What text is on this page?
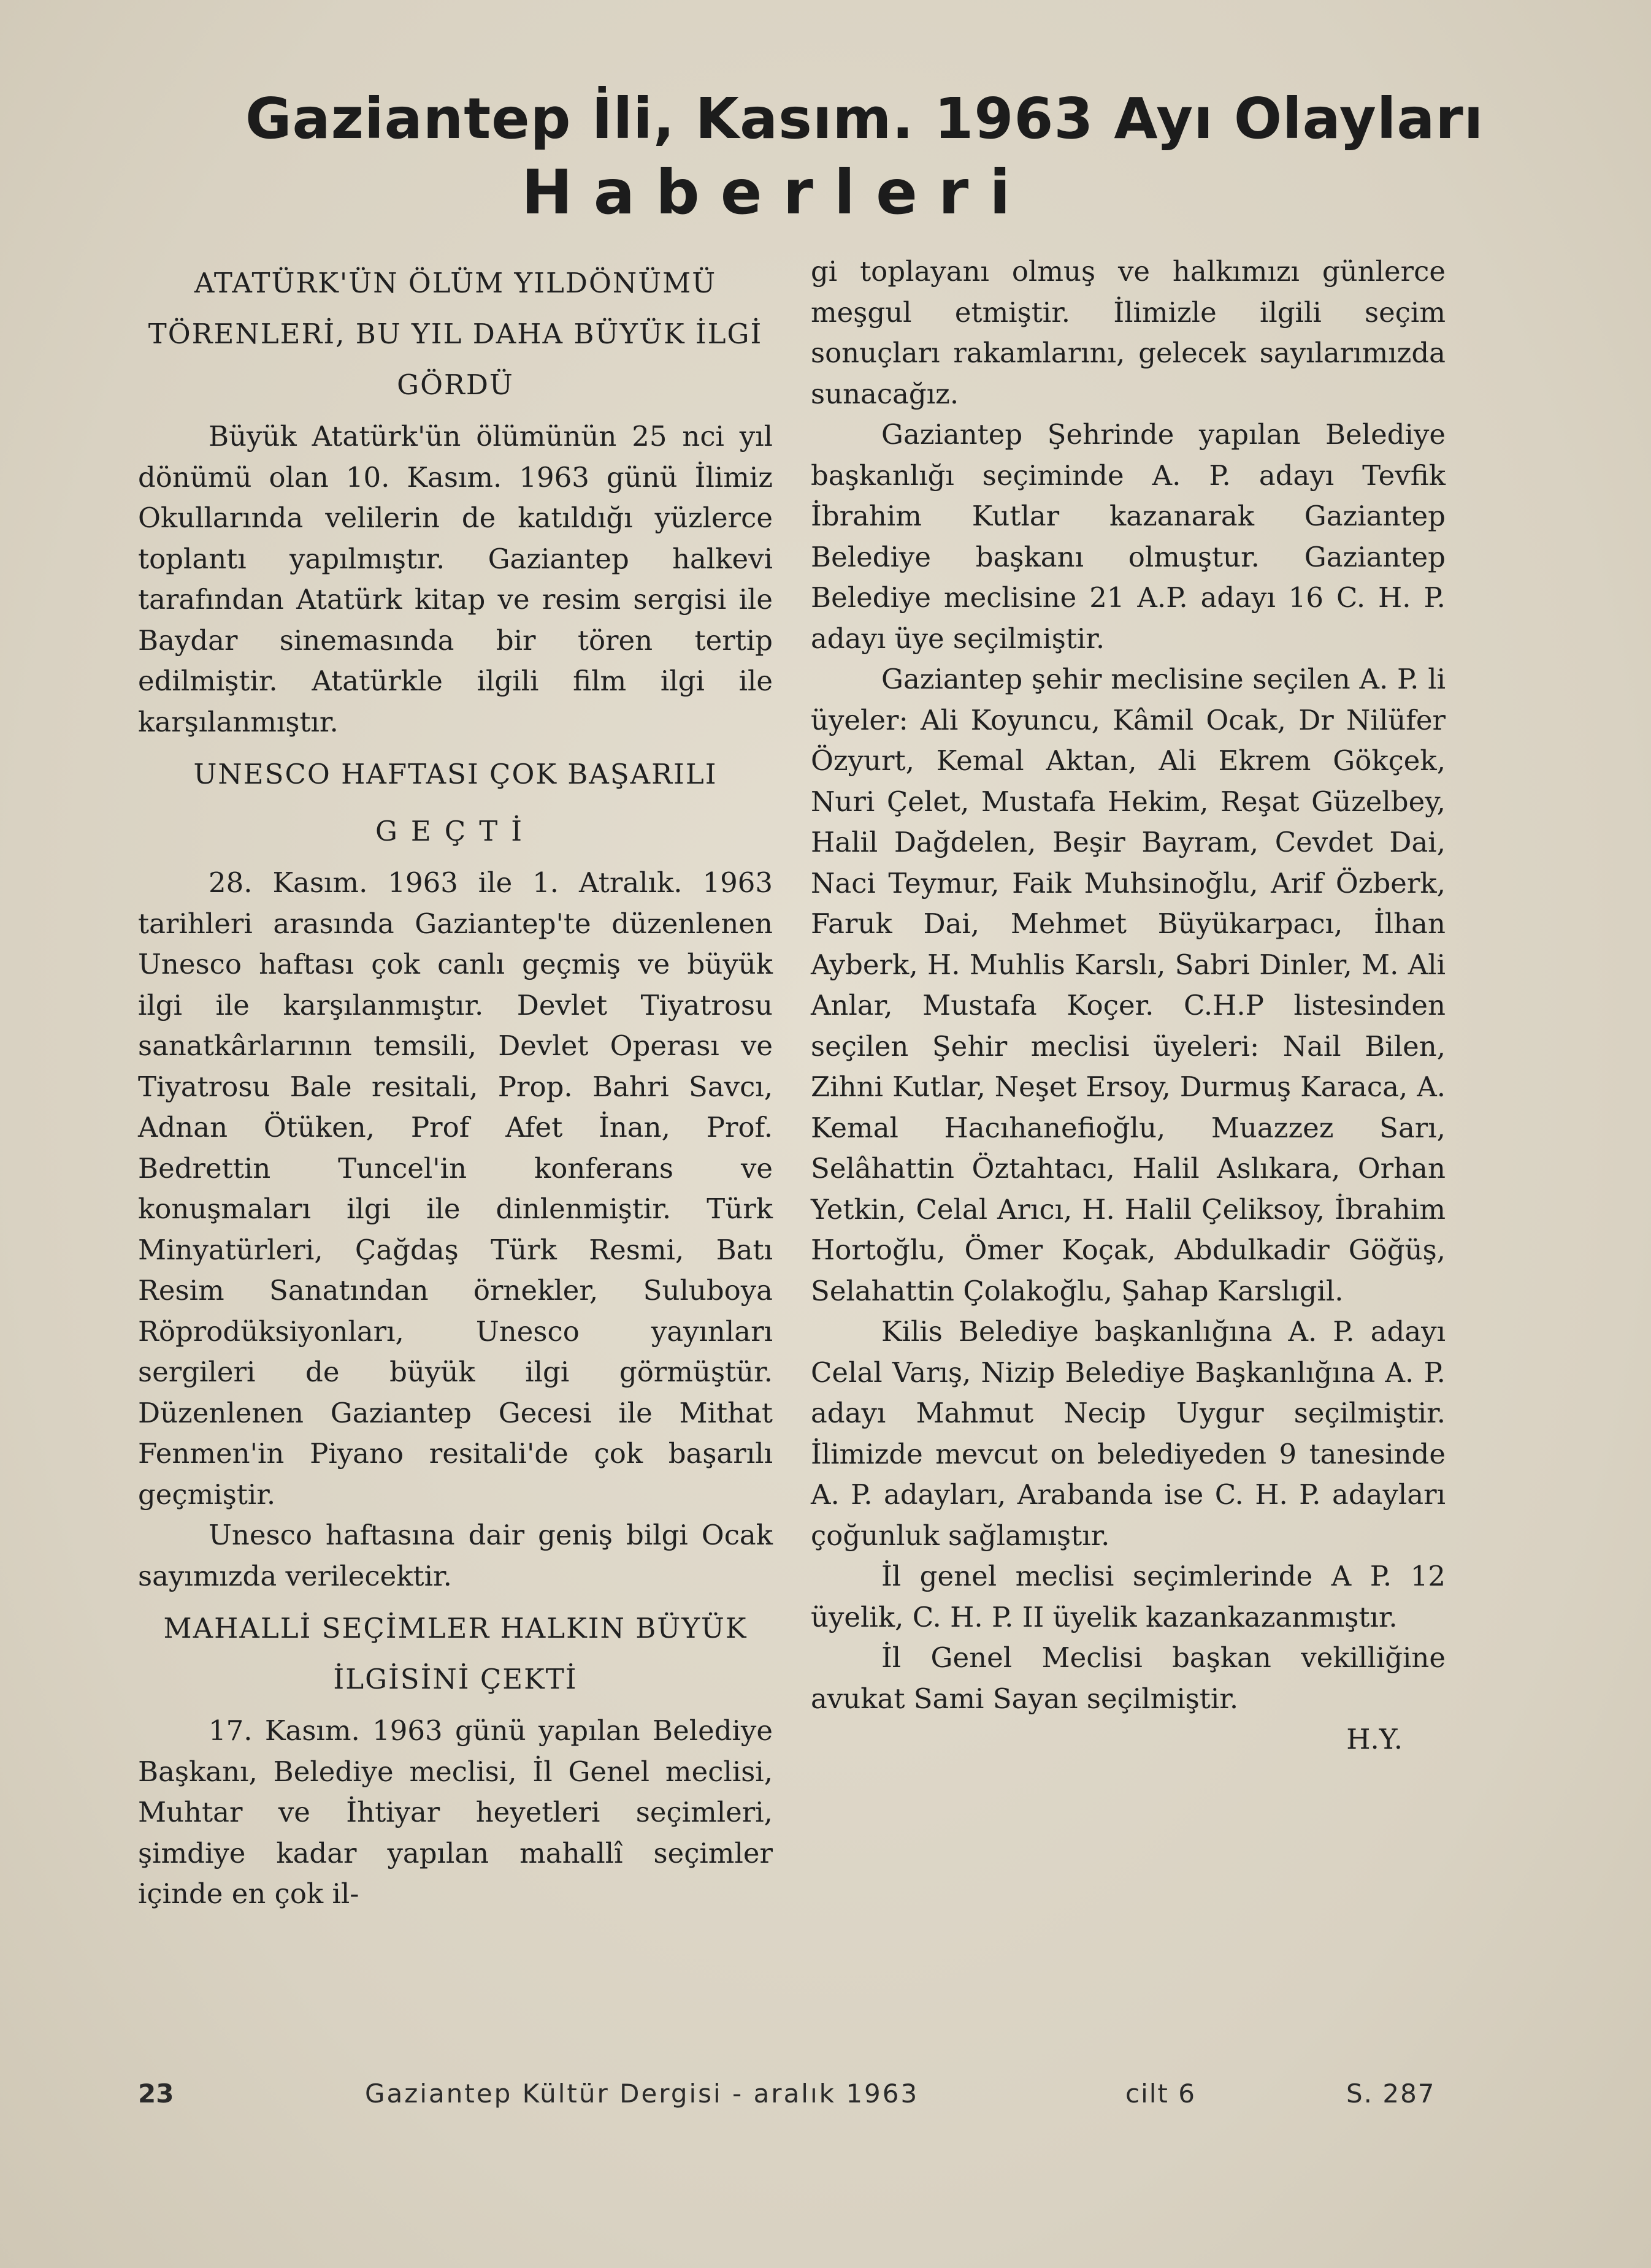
Gaziantep İli, Kasım. 1963 Ayı Olayları
Haberleri
ATATÜRK'ÜN ÖLÜM YILDÖNÜMÜ TÖRENLERİ, BU YIL DAHA BÜYÜK İLGİ GÖRDÜ

Büyük Atatürk'ün ölümünün 25 nci yıl dönümü olan 10. Kasım. 1963 günü İlimiz Okullarında velilerin de katıldığı yüzlerce toplantı yapılmıştır. Gaziantep halkevi tarafından Atatürk kitap ve resim sergisi ile Baydar sinemasında bir tören tertip edilmiştir. Atatürkle ilgili film ilgi ile karşılanmıştır.

UNESCO HAFTASI ÇOK BAŞARILI
GEÇTİ

28. Kasım. 1963 ile 1. Atralık. 1963 tarihleri arasında Gaziantep'te düzenlenen Unesco haftası çok canlı geçmiş ve büyük ilgi ile karşılanmıştır. Devlet Tiyatrosu sanatkârlarının temsili, Devlet Operası ve Tiyatrosu Bale resitali, Prop. Bahri Savcı, Adnan Ötüken, Prof Afet İnan, Prof. Bedrettin Tuncel'in konferans ve konuşmaları ilgi ile dinlenmiştir. Türk Minyatürleri, Çağdaş Türk Resmi, Batı Resim Sanatından örnekler, Suluboya Röprodüksiyonları, Unesco yayınları sergileri de büyük ilgi görmüştür. Düzenlenen Gaziantep Gecesi ile Mithat Fenmen'in Piyano resitali'de çok başarılı geçmiştir.

Unesco haftasına dair geniş bilgi Ocak sayımızda verilecektir.

MAHALLİ SEÇİMLER HALKIN BÜYÜK İLGİSİNİ ÇEKTİ

17. Kasım. 1963 günü yapılan Belediye Başkanı, Belediye meclisi, İl Genel meclisi, Muhtar ve İhtiyar heyetleri seçimleri, şimdiye kadar yapılan mahallî seçimler içinde en çok il-

gi toplayanı olmuş ve halkımızı günlerce meşgul etmiştir. İlimizle ilgili seçim sonuçları rakamlarını, gelecek sayılarımızda sunacağız.

Gaziantep Şehrinde yapılan Belediye başkanlığı seçiminde A. P. adayı Tevfik İbrahim Kutlar kazanarak Gaziantep Belediye başkanı olmuştur. Gaziantep Belediye meclisine 21 A.P. adayı 16 C. H. P. adayı üye seçilmiştir.

Gaziantep şehir meclisine seçilen A. P. li üyeler: Ali Koyuncu, Kâmil Ocak, Dr Nilüfer Özyurt, Kemal Aktan, Ali Ekrem Gökçek, Nuri Çelet, Mustafa Hekim, Reşat Güzelbey, Halil Dağdelen, Beşir Bayram, Cevdet Dai, Naci Teymur, Faik Muhsinoğlu, Arif Özberk, Faruk Dai, Mehmet Büyükarpacı, İlhan Ayberk, H. Muhlis Karslı, Sabri Dinler, M. Ali Anlar, Mustafa Koçer. C.H.P listesinden seçilen Şehir meclisi üyeleri: Nail Bilen, Zihni Kutlar, Neşet Ersoy, Durmuş Karaca, A. Kemal Hacıhanefioğlu, Muazzez Sarı, Selâhattin Öztahtacı, Halil Aslıkara, Orhan Yetkin, Celal Arıcı, H. Halil Çeliksoy, İbrahim Hortoğlu, Ömer Koçak, Abdulkadir Göğüş, Selahattin Çolakoğlu, Şahap Karslıgil.

Kilis Belediye başkanlığına A. P. adayı Celal Varış, Nizip Belediye Başkanlığına A. P. adayı Mahmut Necip Uygur seçilmiştir. İlimizde mevcut on belediyeden 9 tanesinde A. P. adayları, Arabanda ise C. H. P. adayları çoğunluk sağlamıştır.

İl genel meclisi seçimlerinde A P. 12 üyelik, C. H. P. II üyelik kazankazanmıştır.

İl Genel Meclisi başkan vekilliğine avukat Sami Sayan seçilmiştir.

H.Y.

23	Gaziantep Kültür Dergisi - aralık 1963	cilt 6	S. 287
